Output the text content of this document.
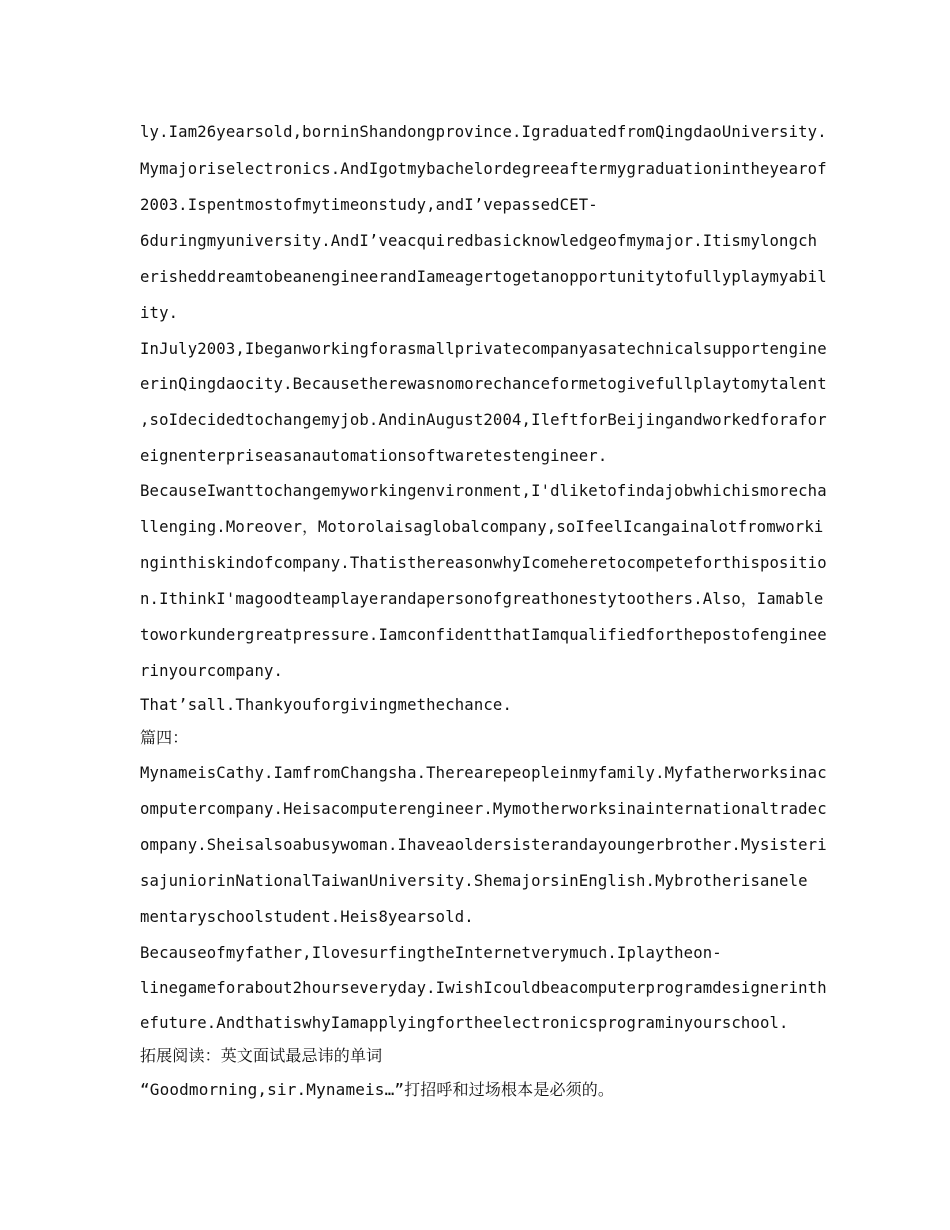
ly.Iam26yearsold,borninShandongprovince.IgraduatedfromQingdaoUniversity.
Mymajoriselectronics.AndIgotmybachelordegreeaftermygraduationintheyearof
2003.Ispentmostofmytimeonstudy,andI’vepassedCET-
6duringmyuniversity.AndI’veacquiredbasicknowledgeofmymajor.Itismylongch
erisheddreamtobeanengineerandIameagertogetanopportunitytofullyplaymyabil
ity.
InJuly2003,Ibeganworkingforasmallprivatecompanyasatechnicalsupportengine
erinQingdaocity.Becausetherewasnomorechanceformetogivefullplaytomytalent
,soIdecidedtochangemyjob.AndinAugust2004,IleftforBeijingandworkedforafor
eignenterpriseasanautomationsoftwaretestengineer.
BecauseIwanttochangemyworkingenvironment,I'dliketofindajobwhichismorecha
llenging.Moreover，Motorolaisaglobalcompany,soIfeelIcangainalotfromworki
nginthiskindofcompany.ThatisthereasonwhyIcomeheretocompeteforthispositio
n.IthinkI'magoodteamplayerandapersonofgreathonestytoothers.Also，Iamable
toworkundergreatpressure.IamconfidentthatIamqualifiedforthepostofenginee
rinyourcompany.
That’sall.Thankyouforgivingmethechance.
篇四：
MynameisCathy.IamfromChangsha.Therearepeopleinmyfamily.Myfatherworksinac
omputercompany.Heisacomputerengineer.Mymotherworksinainternationaltradec
ompany.Sheisalsoabusywoman.Ihaveaoldersisterandayoungerbrother.Mysisteri
sajuniorinNationalTaiwanUniversity.ShemajorsinEnglish.Mybrotherisanele
mentaryschoolstudent.Heis8yearsold.
Becauseofmyfather,IlovesurfingtheInternetverymuch.Iplaytheon-
linegameforabout2hourseveryday.IwishIcouldbeacomputerprogramdesignerinth
efuture.AndthatiswhyIamapplyingfortheelectronicsprograminyourschool.
拓展阅读：英文面试最忌讳的单词
“Goodmorning,sir.Mynameis…”打招呼和过场根本是必须的。
